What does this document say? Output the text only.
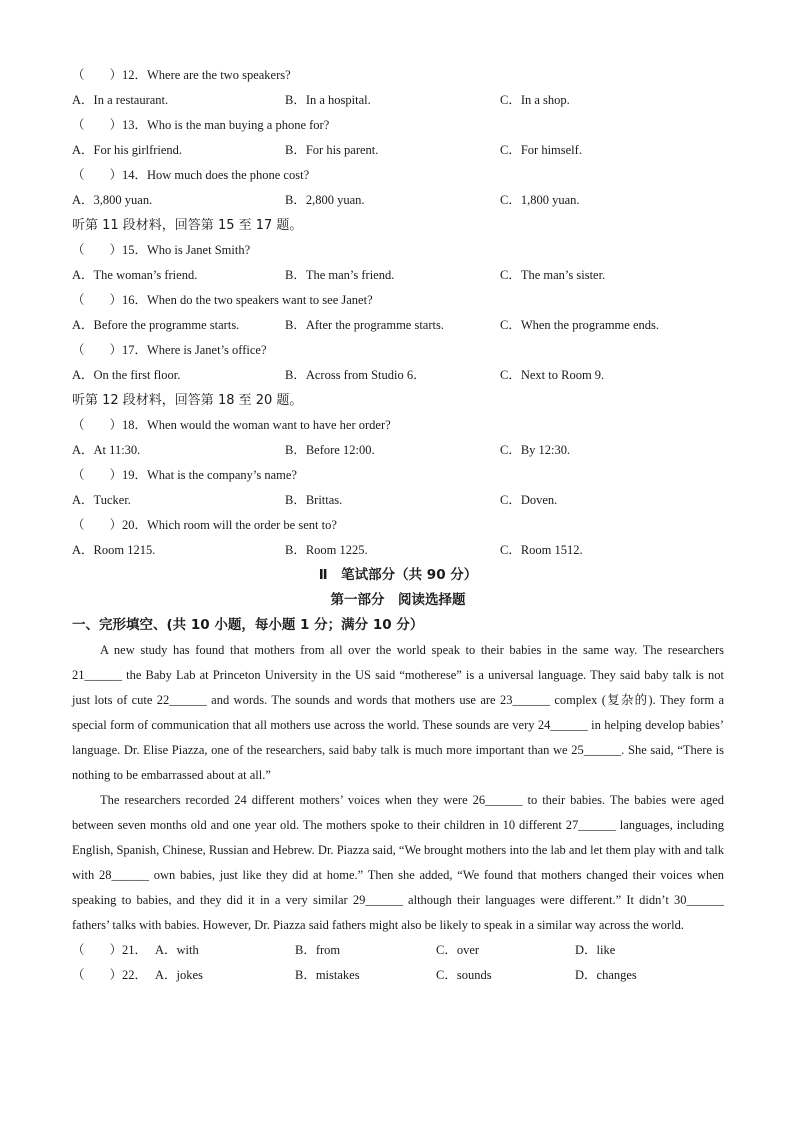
（　　）12．Where are the two speakers?
A．In a restaurant.	B．In a hospital.	C．In a shop.
（　　）13．Who is the man buying a phone for?
A．For his girlfriend.	B．For his parent.	C．For himself.
（　　）14．How much does the phone cost?
A．3,800 yuan.	B．2,800 yuan.	C．1,800 yuan.
听第 11 段材料，回答第 15 至 17 题。
（　　）15．Who is Janet Smith?
A．The woman’s friend.	B．The man’s friend.	C．The man’s sister.
（　　）16．When do the two speakers want to see Janet?
A．Before the programme starts.	B．After the programme starts.	C．When the programme ends.
（　　）17．Where is Janet’s office?
A．On the first floor.	B．Across from Studio 6．	C．Next to Room 9.
听第 12 段材料，回答第 18 至 20 题。
（　　）18．When would the woman want to have her order?
A．At 11:30.	B．Before 12:00.	C．By 12:30.
（　　）19．What is the company’s name?
A．Tucker.	B．Brittas.	C．Doven.
（　　）20．Which room will the order be sent to?
A．Room 1215.	B．Room 1225.	C．Room 1512.
Ⅱ　笔试部分（共 90 分）
第一部分　阅读选择题
一、完形填空、(共 10 小题，每小题 1 分；满分 10 分）

A new study has found that mothers from all over the world speak to their babies in the same way. The researchers 21______ the Baby Lab at Princeton University in the US said “motherese” is a universal language. They said baby talk is not just lots of cute 22______ and words. The sounds and words that mothers use are 23______ complex (复杂的). They form a special form of communication that all mothers use across the world. These sounds are very 24______ in helping develop babies’ language. Dr. Elise Piazza, one of the researchers, said baby talk is much more important than we 25______. She said, “There is nothing to be embarrassed about at all.”

The researchers recorded 24 different mothers’ voices when they were 26______ to their babies. The babies were aged between seven months old and one year old. The mothers spoke to their children in 10 different 27______ languages, including English, Spanish, Chinese, Russian and Hebrew. Dr. Piazza said, “We brought mothers into the lab and let them play with and talk with 28______ own babies, just like they did at home.” Then she added, “We found that mothers changed their voices when speaking to babies, and they did it in a very similar 29______ although their languages were different.” It didn’t 30______ fathers’ talks with babies. However, Dr. Piazza said fathers might also be likely to speak in a similar way across the world.

（　　）21． A．with	B．from	C．over	D．like
（　　）22． A．jokes	B．mistakes	C．sounds	D．changes
